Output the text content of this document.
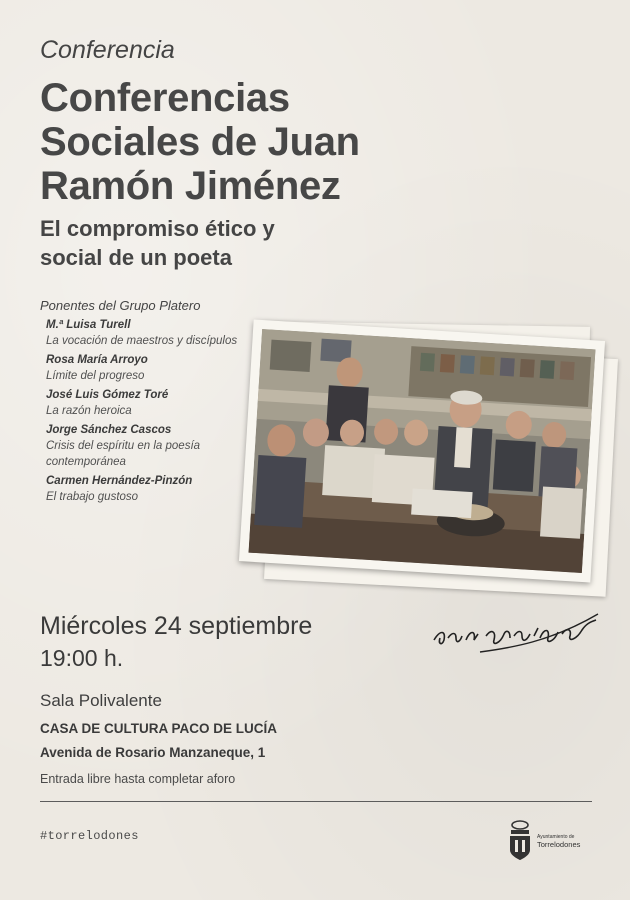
Conferencia
Conferencias Sociales de Juan Ramón Jiménez
El compromiso ético y social de un poeta
Ponentes del Grupo Platero
M.ª Luisa Turell
La vocación de maestros y discípulos
Rosa María Arroyo
Límite del progreso
José Luis Gómez Toré
La razón heroica
Jorge Sánchez Cascos
Crisis del espíritu en la poesía contemporánea
Carmen Hernández-Pinzón
El trabajo gustoso
Miércoles 24 septiembre
19:00 h.
Sala Polivalente
CASA DE CULTURA PACO DE LUCÍA
Avenida de Rosario Manzaneque, 1
Entrada libre hasta completar aforo
#torrelodones	Ayuntamiento de
Torrelodones
